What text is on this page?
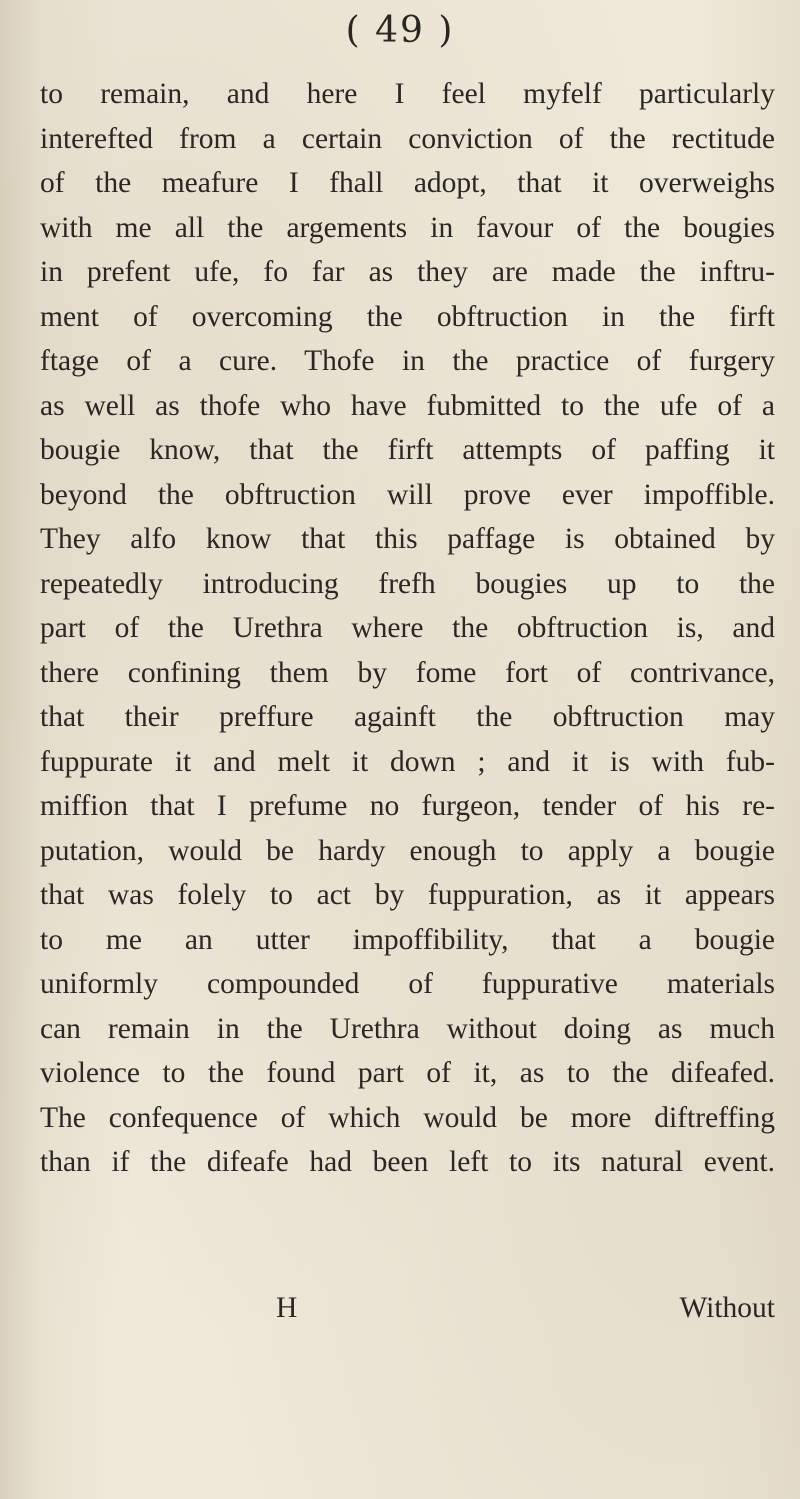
( 49 )
to remain, and here I feel myfelf particularly
interefted from a certain conviction of the rectitude
of the meafure I fhall adopt, that it overweighs
with me all the argements in favour of the bougies
in prefent ufe, fo far as they are made the inftru-
ment of overcoming the obftruction in the firft
ftage of a cure. Thofe in the practice of furgery
as well as thofe who have fubmitted to the ufe of a
bougie know, that the firft attempts of paffing it
beyond the obftruction will prove ever impoffible.
They alfo know that this paffage is obtained by
repeatedly introducing frefh bougies up to the
part of the Urethra where the obftruction is, and
there confining them by fome fort of contrivance,
that their preffure againft the obftruction may
fuppurate it and melt it down ; and it is with fub-
miffion that I prefume no furgeon, tender of his re-
putation, would be hardy enough to apply a bougie
that was folely to act by fuppuration, as it appears
to me an utter impoffibility, that a bougie
uniformly compounded of fuppurative materials
can remain in the Urethra without doing as much
violence to the found part of it, as to the difeafed.
The confequence of which would be more diftreffing
than if the difeafe had been left to its natural event.
H	Without
